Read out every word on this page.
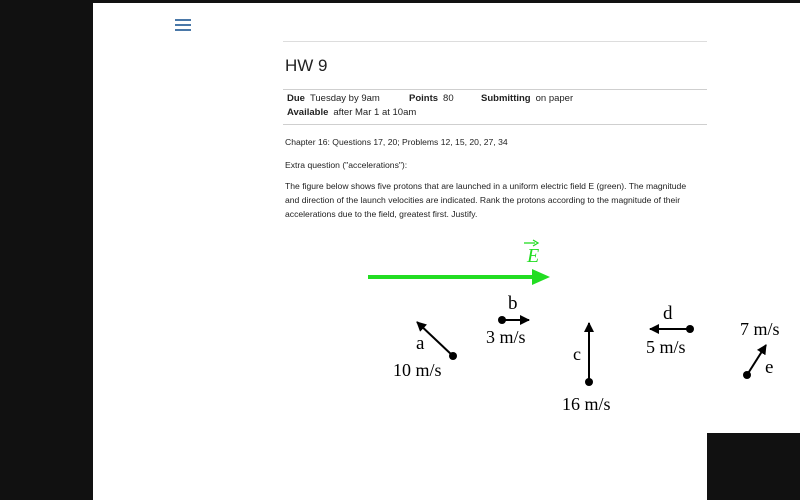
HW 9
Due Tuesday by 9am	Points 80	Submitting on paper
Available after Mar 1 at 10am

Chapter 16: Questions 17, 20; Problems 12, 15, 20, 27, 34

Extra question ("accelerations"):

The figure below shows five protons that are launched in a uniform electric field E (green). The magnitude and direction of the launch velocities are indicated. Rank the protons according to the magnitude of their accelerations due to the field, greatest first. Justify.

E
a
10 m/s
b
3 m/s
c
16 m/s
d
5 m/s
7 m/s
e
